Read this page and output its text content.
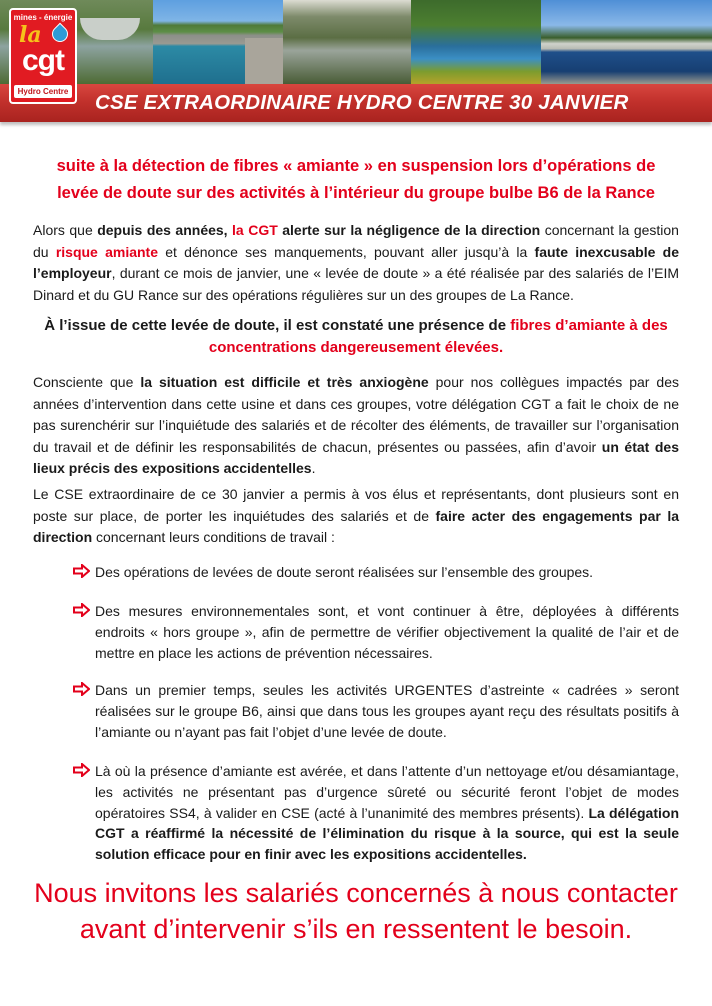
CSE EXTRAORDINAIRE HYDRO CENTRE 30 JANVIER
mines - énergie
la
cgt
Hydro Centre
suite à la détection de fibres « amiante » en suspension lors d’opérations de
levée de doute sur des activités à l’intérieur du groupe bulbe B6 de la Rance
Alors que depuis des années, la CGT alerte sur la négligence de la direction concernant la gestion du risque amiante et dénonce ses manquements, pouvant aller jusqu’à la faute inexcusable de l’employeur, durant ce mois de janvier, une « levée de doute » a été réalisée par des salariés de l’EIM Dinard et du GU Rance sur des opérations régulières sur un des groupes de La Rance.
À l’issue de cette levée de doute, il est constaté une présence de fibres d’amiante à des concentrations dangereusement élevées.
Consciente que la situation est difficile et très anxiogène pour nos collègues impactés par des années d’intervention dans cette usine et dans ces groupes, votre délégation CGT a fait le choix de ne pas surenchérir sur l’inquiétude des salariés et de récolter des éléments, de travailler sur l’organisation du travail et de définir les responsabilités de chacun, présentes ou passées, afin d’avoir un état des lieux précis des expositions accidentelles.
Le CSE extraordinaire de ce 30 janvier a permis à vos élus et représentants, dont plusieurs sont en poste sur place, de porter les inquiétudes des salariés et de faire acter des engagements par la direction concernant leurs conditions de travail :
Des opérations de levées de doute seront réalisées sur l’ensemble des groupes.
Des mesures environnementales sont, et vont continuer à être, déployées à différents endroits « hors groupe », afin de permettre de vérifier objectivement la qualité de l’air et de mettre en place les actions de prévention nécessaires.
Dans un premier temps, seules les activités URGENTES d’astreinte « cadrées » seront réalisées sur le groupe B6, ainsi que dans tous les groupes ayant reçu des résultats positifs à l’amiante ou n’ayant pas fait l’objet d’une levée de doute.
Là où la présence d’amiante est avérée, et dans l’attente d’un nettoyage et/ou désamiantage, les activités ne présentant pas d’urgence sûreté ou sécurité feront l’objet de modes opératoires SS4, à valider en CSE (acté à l’unanimité des membres présents). La délégation CGT a réaffirmé la nécessité de l’élimination du risque à la source, qui est la seule solution efficace pour en finir avec les expositions accidentelles.
Nous invitons les salariés concernés à nous contacter
avant d’intervenir s’ils en ressentent le besoin.
